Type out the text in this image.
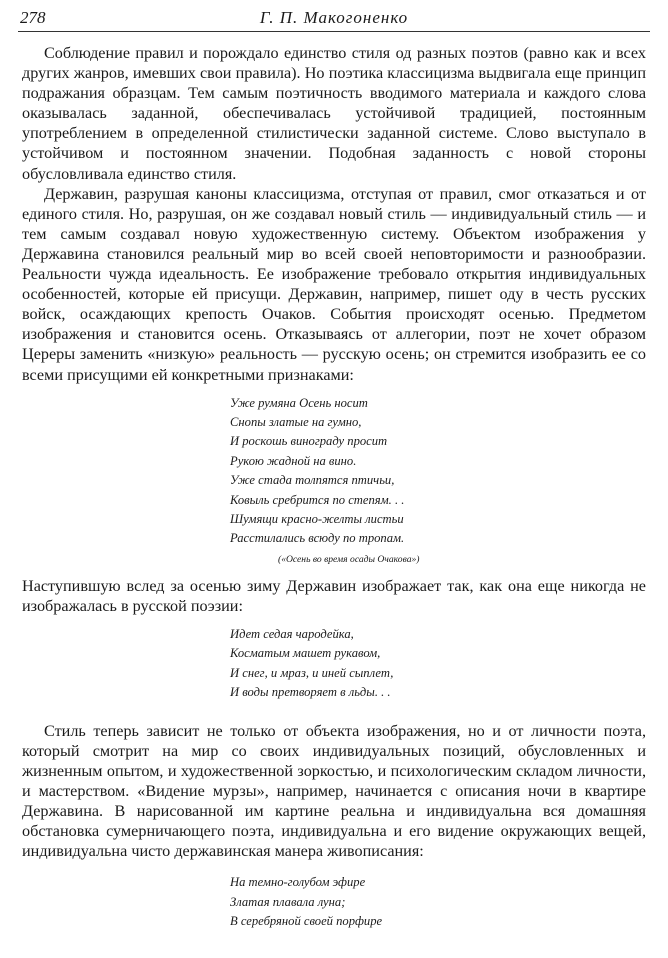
278	Г. П. Макогоненко

Соблюдение правил и порождало единство стиля од разных поэтов (равно как и всех других жанров, имевших свои правила). Но поэтика классицизма выдвигала еще принцип подражания образцам. Тем самым поэтичность вводимого материала и каждого слова оказывалась заданной, обеспечивалась устойчивой традицией, постоянным употреблением в определенной стилистически заданной системе. Слово выступало в устойчивом и постоянном значении. Подобная заданность с новой стороны обусловливала единство стиля.

Державин, разрушая каноны классицизма, отступая от правил, смог отказаться и от единого стиля. Но, разрушая, он же создавал новый стиль — индивидуальный стиль — и тем самым создавал новую художественную систему. Объектом изображения у Державина становился реальный мир во всей своей неповторимости и разнообразии. Реальности чужда идеальность. Ее изображение требовало открытия индивидуальных особенностей, которые ей присущи. Державин, например, пишет оду в честь русских войск, осаждающих крепость Очаков. События происходят осенью. Предметом изображения и становится осень. Отказываясь от аллегории, поэт не хочет образом Цереры заменить «низкую» реальность — русскую осень; он стремится изобразить ее со всеми присущими ей конкретными признаками:

Уже румяна Осень носит

Снопы златые на гумно,

И роскошь винограду просит

Рукою жадной на вино.

Уже стада толпятся птичьи,

Ковыль сребрится по степям. . .

Шумящи красно-желты листьи

Расстилались всюду по тропам.

(«Осень во время осады Очакова»)

Наступившую вслед за осенью зиму Державин изображает так, как она еще никогда не изображалась в русской поэзии:

Идет седая чародейка,

Косматым машет рукавом,

И снег, и мраз, и иней сыплет,

И воды претворяет в льды. . .

Стиль теперь зависит не только от объекта изображения, но и от личности поэта, который смотрит на мир со своих индивидуальных позиций, обусловленных и жизненным опытом, и художественной зоркостью, и психологическим складом личности, и мастерством. «Видение мурзы», например, начинается с описания ночи в квартире Державина. В нарисованной им картине реальна и индивидуальна вся домашняя обстановка сумерничающего поэта, индивидуальна и его видение окружающих вещей, индивидуальна чисто державинская манера живописания:

На темно-голубом эфире

Златая плавала луна;

В серебряной своей порфире
